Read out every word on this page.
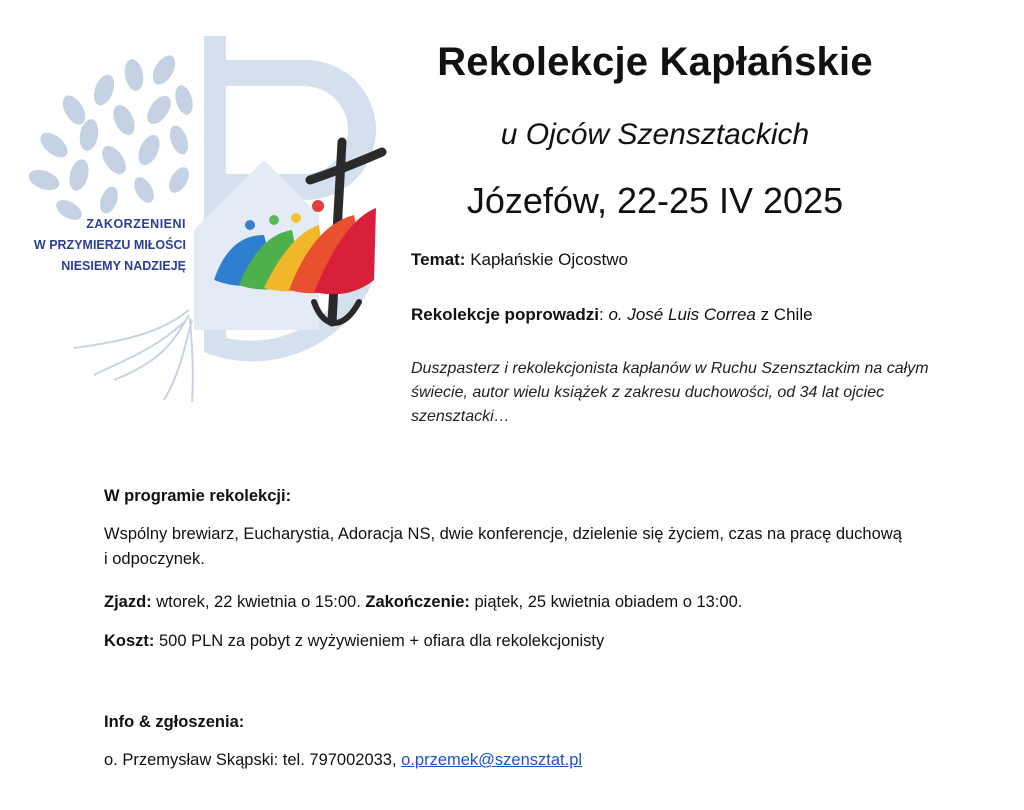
ZAKORZENIENI
W PRZYMIERZU MIŁOŚCI
NIESIEMY NADZIEJĘ
Rekolekcje Kapłańskie
u Ojców Szensztackich
Józefów, 22-25 IV 2025
Temat: Kapłańskie Ojcostwo
Rekolekcje poprowadzi: o. José Luis Correa z Chile
Duszpasterz i rekolekcjonista kapłanów w Ruchu Szensztackim na całym świecie, autor wielu książek z zakresu duchowości, od 34 lat ojciec szensztacki…
W programie rekolekcji:
Wspólny brewiarz, Eucharystia, Adoracja NS, dwie konferencje, dzielenie się życiem, czas na pracę duchową i odpoczynek.
Zjazd: wtorek, 22 kwietnia o 15:00. Zakończenie: piątek, 25 kwietnia obiadem o 13:00.
Koszt: 500 PLN za pobyt z wyżywieniem + ofiara dla rekolekcjonisty
Info & zgłoszenia:
o. Przemysław Skąpski: tel. 797002033, o.przemek@szensztat.pl
